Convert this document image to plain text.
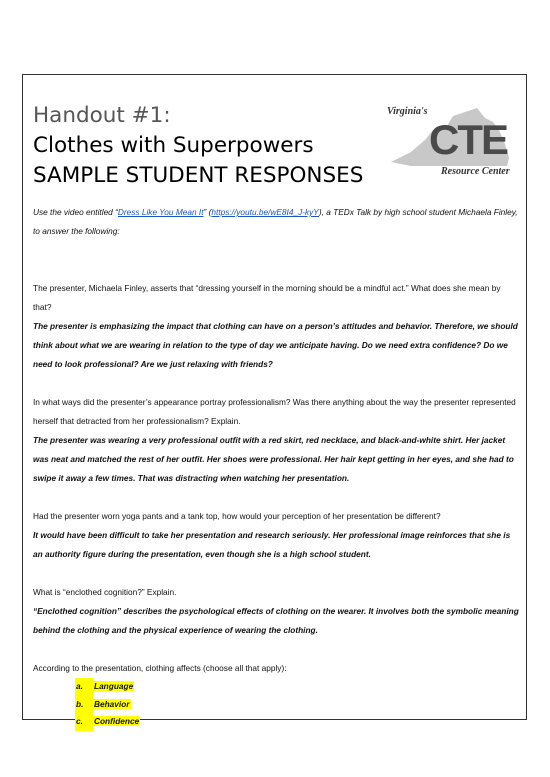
Handout #1:
Clothes with Superpowers
SAMPLE STUDENT RESPONSES
Virginia's
CTE
Resource Center

Use the video entitled “Dress Like You Mean It” (https://youtu.be/wE8I4_J-kyY), a TEDx Talk by high school student Michaela Finley, to answer the following:

The presenter, Michaela Finley, asserts that “dressing yourself in the morning should be a mindful act.” What does she mean by that?

The presenter is emphasizing the impact that clothing can have on a person’s attitudes and behavior. Therefore, we should think about what we are wearing in relation to the type of day we anticipate having. Do we need extra confidence? Do we need to look professional? Are we just relaxing with friends?

In what ways did the presenter’s appearance portray professionalism? Was there anything about the way the presenter represented herself that detracted from her professionalism? Explain.

The presenter was wearing a very professional outfit with a red skirt, red necklace, and black-and-white shirt. Her jacket was neat and matched the rest of her outfit. Her shoes were professional. Her hair kept getting in her eyes, and she had to swipe it away a few times. That was distracting when watching her presentation.

Had the presenter worn yoga pants and a tank top, how would your perception of her presentation be different?

It would have been difficult to take her presentation and research seriously. Her professional image reinforces that she is an authority figure during the presentation, even though she is a high school student.

What is “enclothed cognition?” Explain.

“Enclothed cognition” describes the psychological effects of clothing on the wearer. It involves both the symbolic meaning behind the clothing and the physical experience of wearing the clothing.

According to the presentation, clothing affects (choose all that apply):

a. Language
b. Behavior
c. Confidence
